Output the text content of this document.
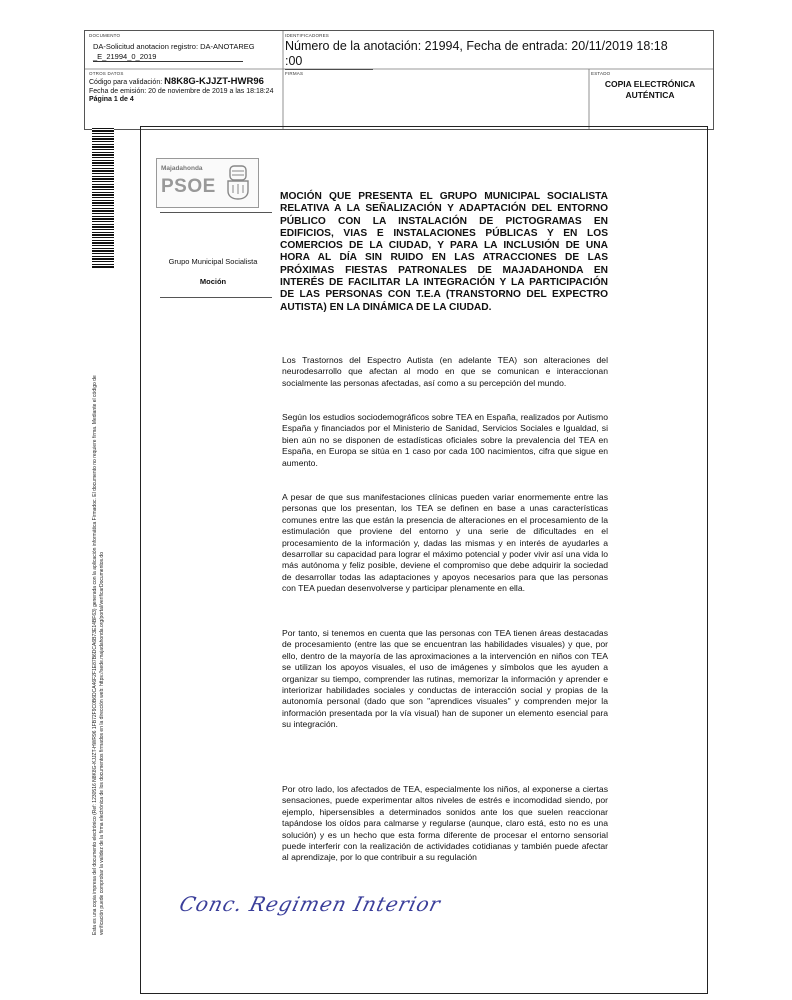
DOCUMENTO
DA-Solicitud anotacion registro: DA-ANOTAREG
_E_21994_0_2019
IDENTIFICADORES
Número de la anotación: 21994, Fecha de entrada: 20/11/2019 18:18
:00
OTROS DATOS
Código para validación: N8K8G-KJJZT-HWR96
Fecha de emisión: 20 de noviembre de 2019 a las 18:18:24
Página 1 de 4
FIRMAS	ESTADO
COPIA ELECTRÓNICA
AUTÉNTICA
Esta es una copia impresa del documento electrónico (Ref: 1230516 N8K8G-KJJZT-HWR96 1FB72F9C0B6DCA46F2F1E87B6DCA6B73E14BF63) generada con la aplicación informática Firmadoc. El documento no requiere firma. Mediante el código de verificación puede comprobar la validez de la firma electrónica de los documentos firmados en la dirección web: https://sede.majadahonda.org/portal/verificarDocumentos.do
Majadahonda
PSOE
Grupo Municipal Socialista
Moción
MOCIÓN QUE PRESENTA EL GRUPO MUNICIPAL SOCIALISTA RELATIVA A LA SEÑALIZACIÓN Y ADAPTACIÓN DEL ENTORNO PÚBLICO CON LA INSTALACIÓN DE PICTOGRAMAS EN EDIFICIOS, VIAS E INSTALACIONES PÚBLICAS Y EN LOS COMERCIOS DE LA CIUDAD, Y PARA LA INCLUSIÓN DE UNA HORA AL DÍA SIN RUIDO EN LAS ATRACCIONES DE LAS PRÓXIMAS FIESTAS PATRONALES DE MAJADAHONDA EN INTERÉS DE FACILITAR LA INTEGRACIÓN Y LA PARTICIPACIÓN DE LAS PERSONAS CON T.E.A (TRANSTORNO DEL EXPECTRO AUTISTA) EN LA DINÁMICA DE LA CIUDAD.
Los Trastornos del Espectro Autista (en adelante TEA) son alteraciones del neurodesarrollo que afectan al modo en que se comunican e interaccionan socialmente las personas afectadas, así como a su percepción del mundo.
Según los estudios sociodemográficos sobre TEA en España, realizados por Autismo España y financiados por el Ministerio de Sanidad, Servicios Sociales e Igualdad, si bien aún no se disponen de estadísticas oficiales sobre la prevalencia del TEA en España, en Europa se sitúa en 1 caso por cada 100 nacimientos, cifra que sigue en aumento.
A pesar de que sus manifestaciones clínicas pueden variar enormemente entre las personas que los presentan, los TEA se definen en base a unas características comunes entre las que están la presencia de alteraciones en el procesamiento de la estimulación que proviene del entorno y una serie de dificultades en el procesamiento de la información y, dadas las mismas y en interés de ayudarles a desarrollar su capacidad para lograr el máximo potencial y poder vivir así una vida lo más autónoma y feliz posible, deviene el compromiso que debe adquirir la sociedad de desarrollar todas las adaptaciones y apoyos necesarios para que las personas con TEA puedan desenvolverse y participar plenamente en ella.
Por tanto, si tenemos en cuenta que las personas con TEA tienen áreas destacadas de procesamiento (entre las que se encuentran las habilidades visuales) y que, por ello, dentro de la mayoría de las aproximaciones a la intervención en niños con TEA se utilizan los apoyos visuales, el uso de imágenes y símbolos que les ayuden a organizar su tiempo, comprender las rutinas, memorizar la información y aprender e interiorizar habilidades sociales y conductas de interacción social y propias de la autonomía personal (dado que son "aprendices visuales" y comprenden mejor la información presentada por la vía visual) han de suponer un elemento esencial para su integración.
Por otro lado, los afectados de TEA, especialmente los niños, al exponerse a ciertas sensaciones, puede experimentar altos niveles de estrés e incomodidad siendo, por ejemplo, hipersensibles a determinados sonidos ante los que suelen reaccionar tapándose los oídos para calmarse y regularse (aunque, claro está, esto no es una solución) y es un hecho que esta forma diferente de procesar el entorno sensorial puede interferir con la realización de actividades cotidianas y también puede afectar al aprendizaje, por lo que contribuir a su regulación
Conc. Regimen Interior
